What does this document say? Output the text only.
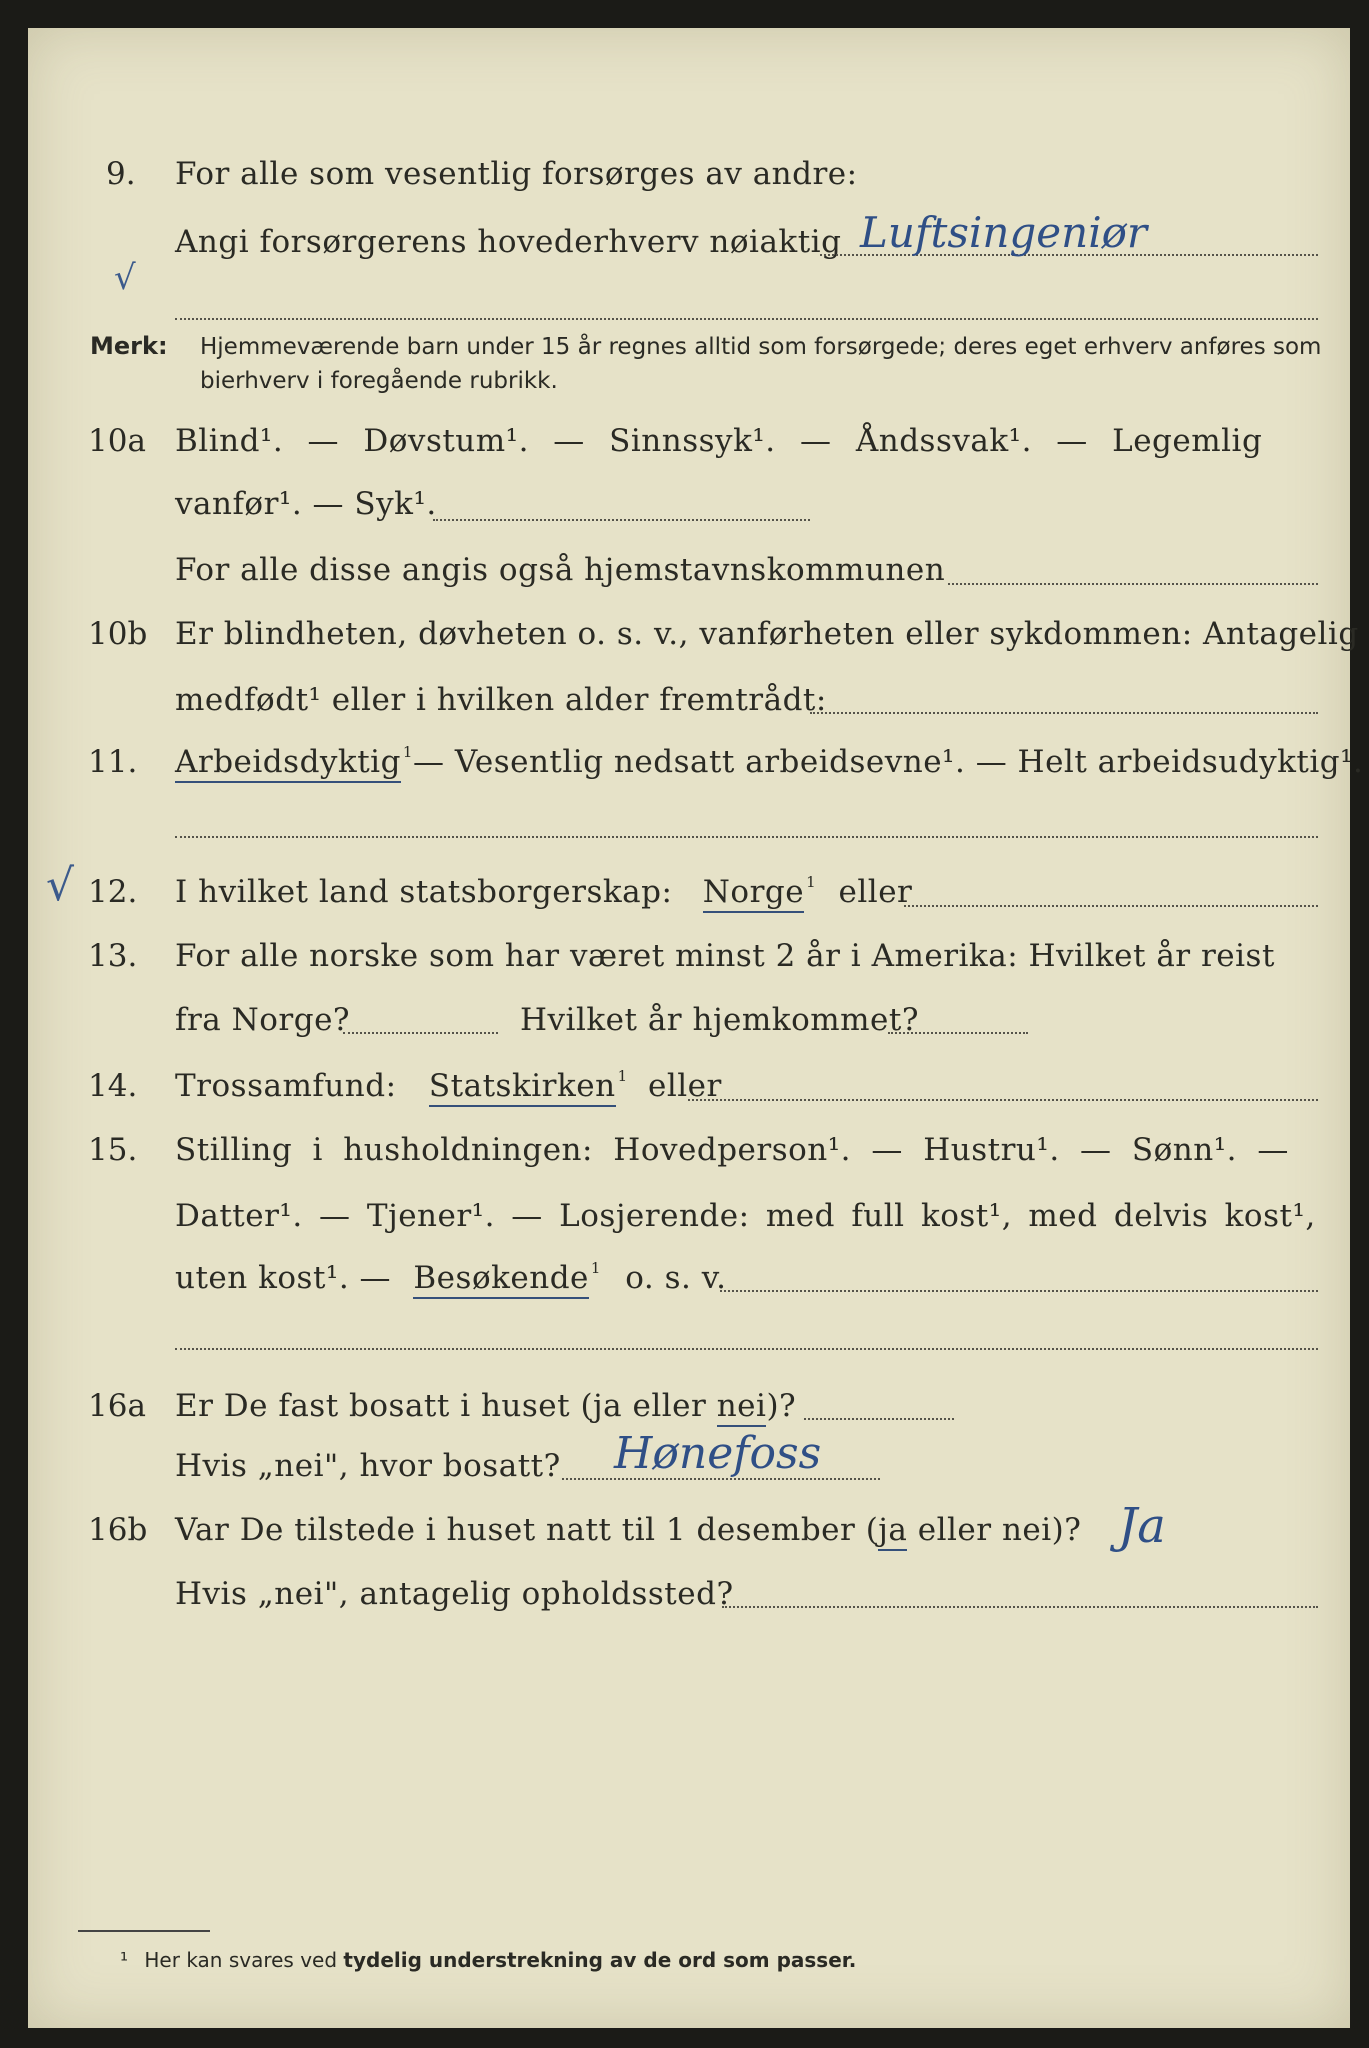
9. For alle som vesentlig forsørges av andre:
Angi forsørgerens hovederhverv nøiaktig Luftsingeniør
√
Merk: Hjemmeværende barn under 15 år regnes alltid som forsørgede; deres eget erhverv anføres som bierhverv i foregående rubrikk.
10a Blind¹. — Døvstum¹. — Sinnssyk¹. — Åndssvak¹. — Legemlig
vanfør¹. — Syk¹.
For alle disse angis også hjemstavnskommunen
10b Er blindheten, døvheten o. s. v., vanførheten eller sykdommen: Antagelig
medfødt¹ eller i hvilken alder fremtrådt:
11. Arbeidsdyktig $^1$— Vesentlig nedsatt arbeidsevne¹. — Helt arbeidsudyktig¹.
√ 12. I hvilket land statsborgerskap: Norge $^1$ eller
13. For alle norske som har været minst 2 år i Amerika: Hvilket år reist
fra Norge?	Hvilket år hjemkommet?
14. Trossamfund: Statskirken $^1$ eller
15. Stilling i husholdningen: Hovedperson¹. — Hustru¹. — Sønn¹. —
Datter¹. — Tjener¹. — Losjerende: med full kost¹, med delvis kost¹,
uten kost¹. — Besøkende $^1$ o. s. v.
16a Er De fast bosatt i huset (ja eller nei)?
Hvis „nei", hvor bosatt? Hønefoss
16b Var De tilstede i huset natt til 1 desember (ja eller nei)? Ja
Hvis „nei", antagelig opholdssted?
¹ Her kan svares ved tydelig understrekning av de ord som passer.
